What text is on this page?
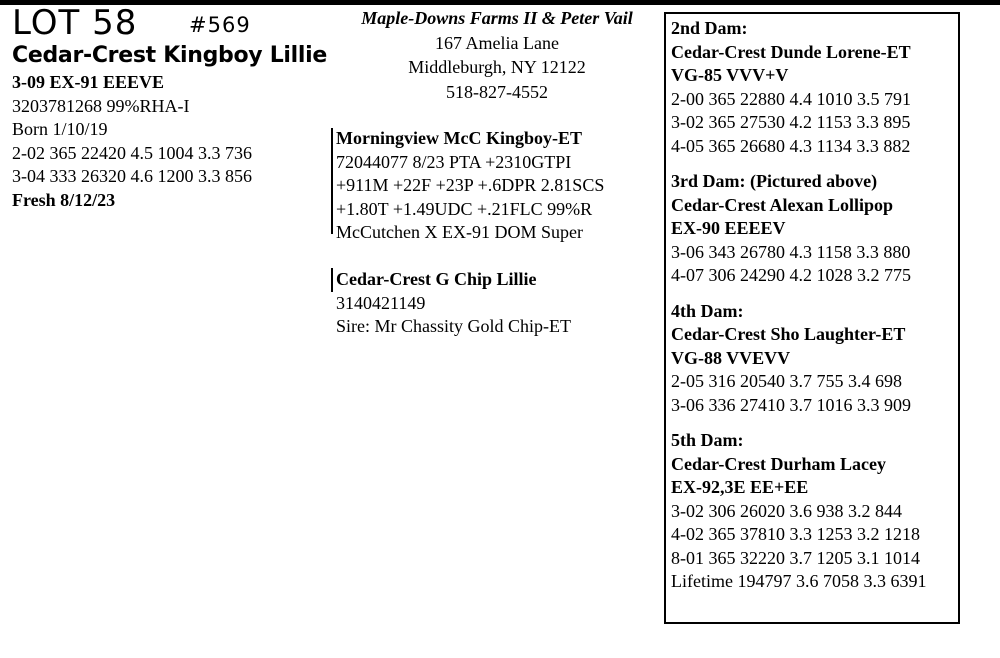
LOT 58 #569
Cedar-Crest Kingboy Lillie
3-09 EX-91 EEEVE
3203781268 99%RHA-I
Born 1/10/19
2-02 365 22420 4.5 1004 3.3 736
3-04 333 26320 4.6 1200 3.3 856
Fresh 8/12/23
Maple-Downs Farms II & Peter Vail
167 Amelia Lane
Middleburgh, NY 12122
518-827-4552
Morningview McC Kingboy-ET
72044077 8/23 PTA +2310GTPI
+911M +22F +23P +.6DPR 2.81SCS
+1.80T +1.49UDC +.21FLC 99%R
McCutchen X EX-91 DOM Super
Cedar-Crest G Chip Lillie
3140421149
Sire: Mr Chassity Gold Chip-ET
2nd Dam:
Cedar-Crest Dunde Lorene-ET
VG-85 VVV+V
2-00 365 22880 4.4 1010 3.5 791
3-02 365 27530 4.2 1153 3.3 895
4-05 365 26680 4.3 1134 3.3 882
3rd Dam: (Pictured above)
Cedar-Crest Alexan Lollipop
EX-90 EEEEV
3-06 343 26780 4.3 1158 3.3 880
4-07 306 24290 4.2 1028 3.2 775
4th Dam:
Cedar-Crest Sho Laughter-ET
VG-88 VVEVV
2-05 316 20540 3.7 755 3.4 698
3-06 336 27410 3.7 1016 3.3 909
5th Dam:
Cedar-Crest Durham Lacey
EX-92,3E EE+EE
3-02 306 26020 3.6 938 3.2 844
4-02 365 37810 3.3 1253 3.2 1218
8-01 365 32220 3.7 1205 3.1 1014
Lifetime 194797 3.6 7058 3.3 6391
